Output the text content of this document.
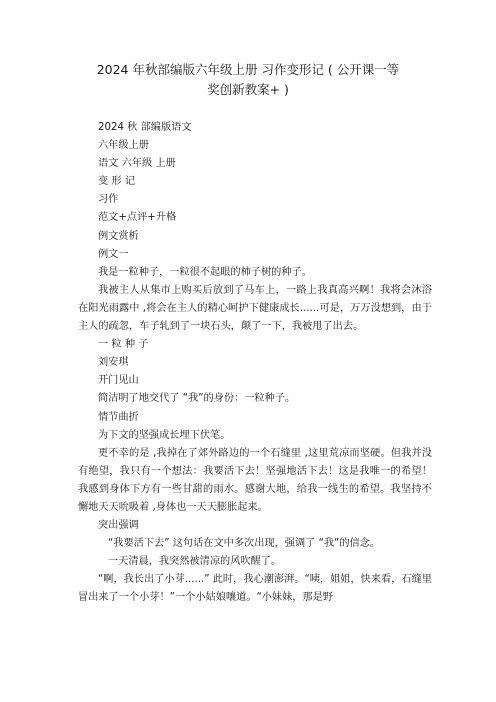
2024 年秋部编版六年级上册 习作变形记 ( 公开课一等
奖创新教案+ )

2024 秋 部编版语文

六年级上册

语文 六年级 上册

变 形 记

习作

范文+点评+升格

例文赏析

例文一

我是一粒种子，一粒很不起眼的柿子树的种子。

我被主人从集市上购买后放到了马车上，一路上我真高兴啊！我将会沐浴在阳光雨露中 ,将会在主人的精心呵护下健康成长......可是，万万没想到，由于主人的疏忽，车子轧到了一块石头，颠了一下，我被甩了出去。

一 粒 种 子

刘安琪

开门见山

简洁明了地交代了 “我”的身份：一粒种子。

情节曲折

为下文的坚强成长埋下伏笔。

更不幸的是 ,我掉在了郊外路边的一个石缝里 ,这里荒凉而坚硬。但我并没有绝望，我只有一个想法：我要活下去！坚强地活下去！这是我唯一的希望！我感到身体下方有一些甘甜的雨水。感谢大地，给我一线生的希望。我坚持不懈地天天吮吸着 ,身体也一天天膨胀起来。

突出强调

“我要活下去” 这句话在文中多次出现，强调了 “我”的信念。

一天清晨，我突然被清凉的风吹醒了。

“啊，我长出了小芽......” 此时，我心潮澎湃。“咦，姐姐，快来看，石缝里冒出来了一个小芽！”一个小姑娘嚷道。“小妹妹，那是野
